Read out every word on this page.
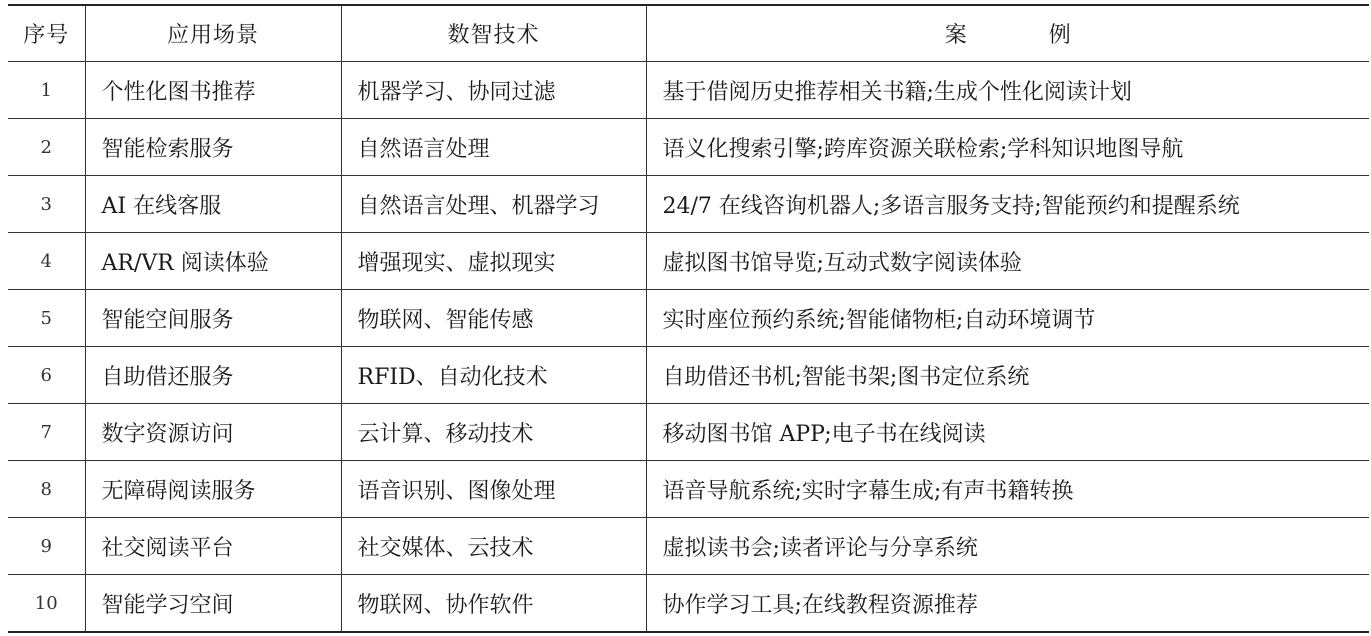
序号	应用场景	数智技术	案　例
1	个性化图书推荐	机器学习、协同过滤	基于借阅历史推荐相关书籍;生成个性化阅读计划
2	智能检索服务	自然语言处理	语义化搜索引擎;跨库资源关联检索;学科知识地图导航
3	AI 在线客服	自然语言处理、机器学习	24/7 在线咨询机器人;多语言服务支持;智能预约和提醒系统
4	AR/VR 阅读体验	增强现实、虚拟现实	虚拟图书馆导览;互动式数字阅读体验
5	智能空间服务	物联网、智能传感	实时座位预约系统;智能储物柜;自动环境调节
6	自助借还服务	RFID、自动化技术	自助借还书机;智能书架;图书定位系统
7	数字资源访问	云计算、移动技术	移动图书馆 APP;电子书在线阅读
8	无障碍阅读服务	语音识别、图像处理	语音导航系统;实时字幕生成;有声书籍转换
9	社交阅读平台	社交媒体、云技术	虚拟读书会;读者评论与分享系统
10	智能学习空间	物联网、协作软件	协作学习工具;在线教程资源推荐
